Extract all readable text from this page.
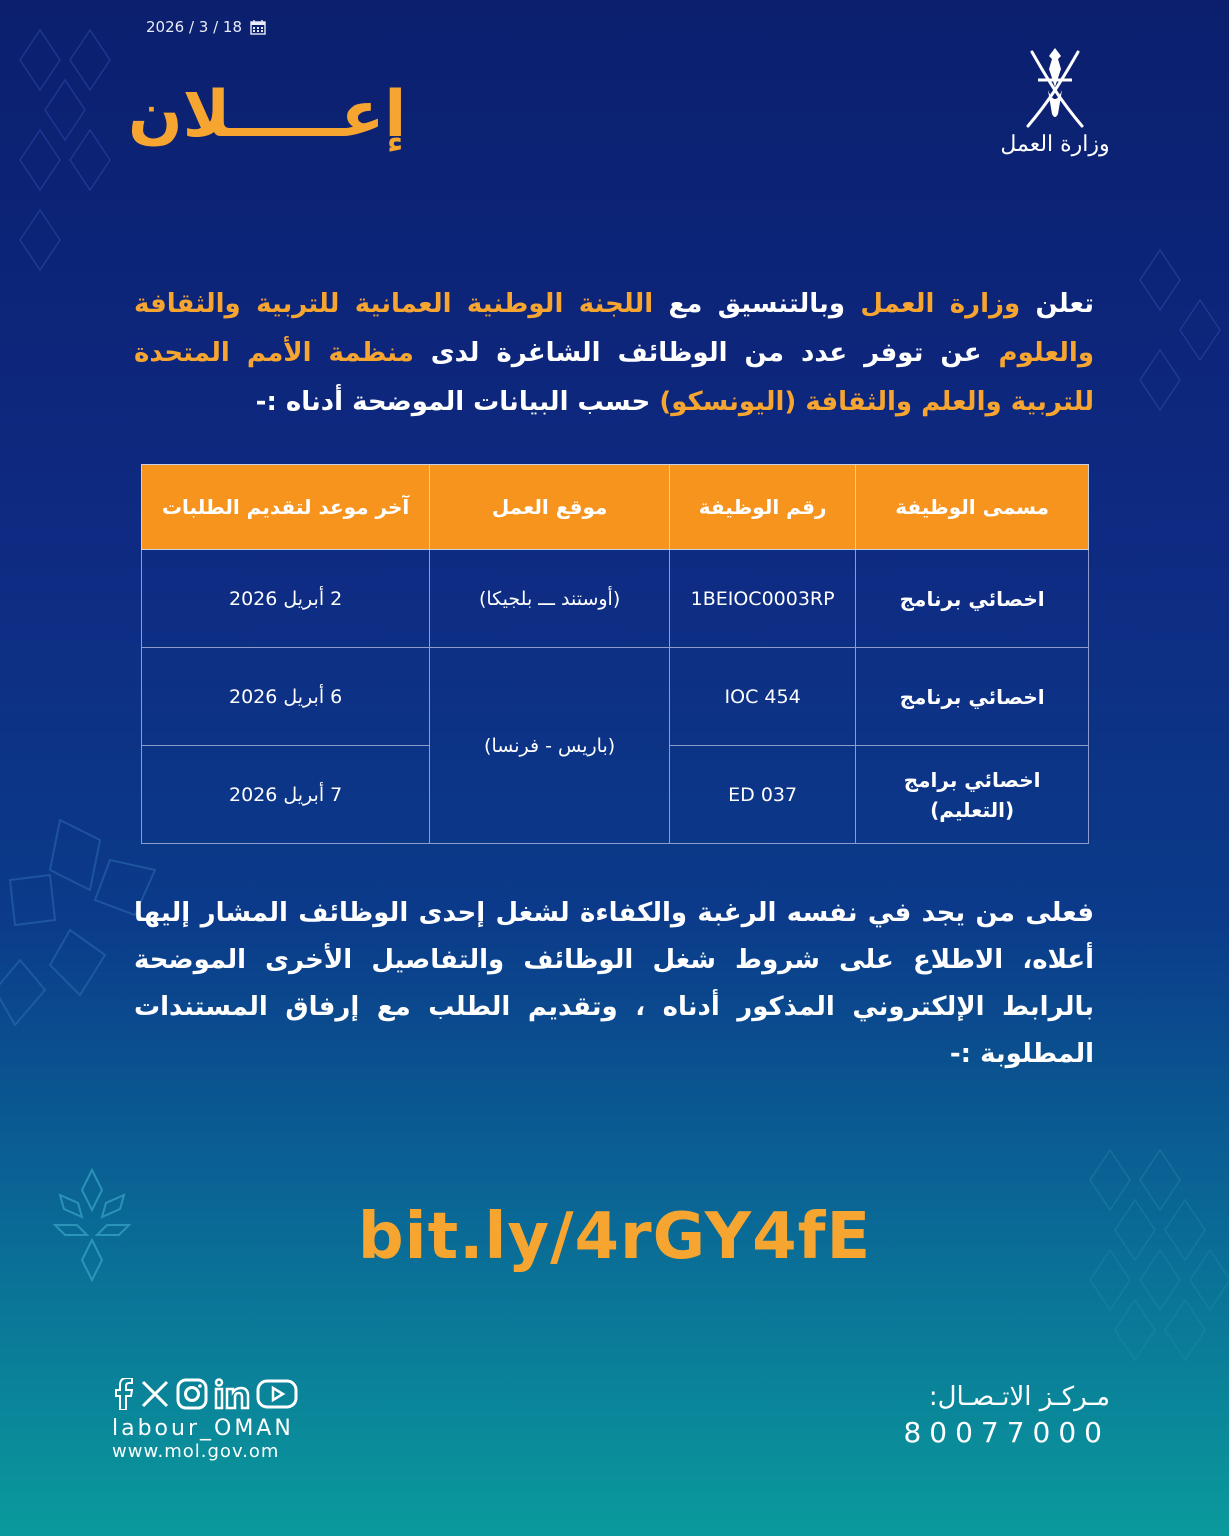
2026 / 3 / 18
إعـــــلان	وزارة العمل
تعلن وزارة العمل وبالتنسيق مع اللجنة الوطنية العمانية للتربية والثقافة والعلوم عن توفر عدد من الوظائف الشاغرة لدى منظمة الأمم المتحدة للتربية والعلم والثقافة (اليونسكو) حسب البيانات الموضحة أدناه :-
مسمى الوظيفة	رقم الوظيفة	موقع العمل	آخر موعد لتقديم الطلبات
اخصائي برنامج	1BEIOC0003RP	(أوستند ـــ بلجيكا)	2 أبريل 2026
اخصائي برنامج	IOC 454	(باريس - فرنسا)	6 أبريل 2026
اخصائي برامج (التعليم)	ED 037		7 أبريل 2026
فعلى من يجد في نفسه الرغبة والكفاءة لشغل إحدى الوظائف المشار إليها أعلاه، الاطلاع على شروط شغل الوظائف والتفاصيل الأخرى الموضحة بالرابط الإلكتروني المذكور أدناه ، وتقديم الطلب مع إرفاق المستندات المطلوبة :-
bit.ly/4rGY4fE
labour_OMAN
www.mol.gov.om
مـركـز الاتـصـال:
80077000
